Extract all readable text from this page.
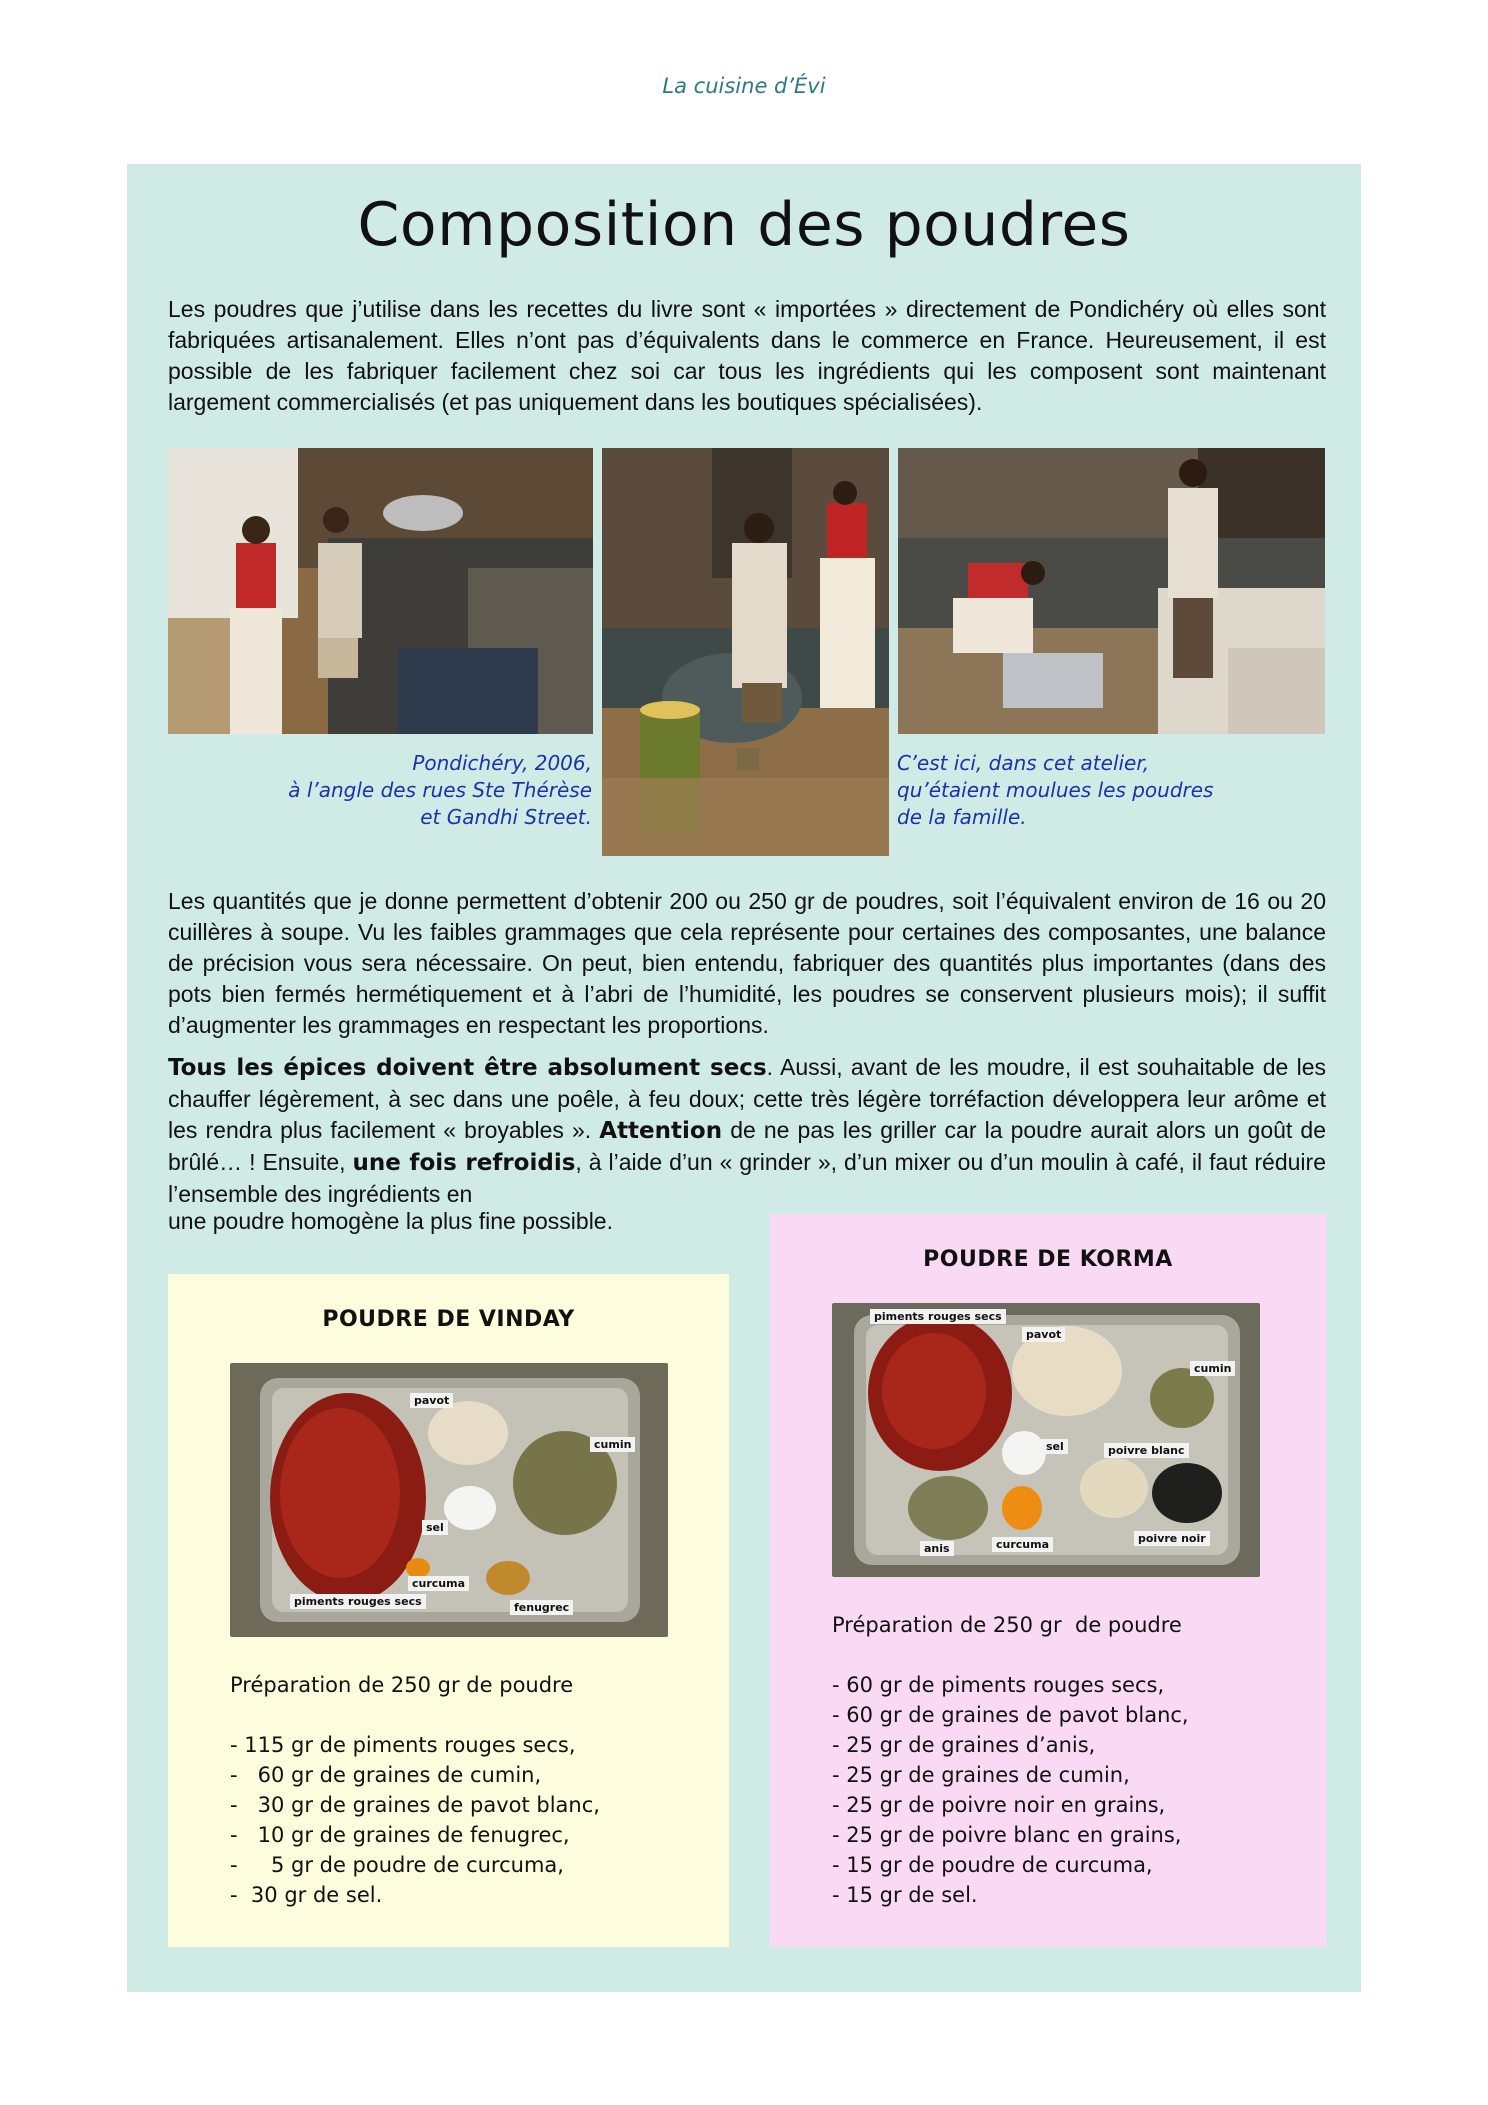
La cuisine d’Évi
Composition des poudres

Les poudres que j’utilise dans les recettes du livre sont « importées » directement de Pondichéry où elles sont fabriquées artisanalement. Elles n’ont pas d’équivalents dans le commerce en France. Heureusement, il est possible de les fabriquer facilement chez soi car tous les ingrédients qui les composent sont maintenant largement commercialisés (et pas uniquement dans les boutiques spécialisées).

Pondichéry, 2006,
à l’angle des rues Ste Thérèse
et Gandhi Street.
C’est ici, dans cet atelier,
qu’étaient moulues les poudres
de la famille.

Les quantités que je donne permettent d’obtenir 200 ou 250 gr de poudres, soit l’équivalent environ de 16 ou 20 cuillères à soupe. Vu les faibles grammages que cela représente pour certaines des composantes, une balance de précision vous sera nécessaire. On peut, bien entendu, fabriquer des quantités plus importantes (dans des pots bien fermés hermétiquement et à l’abri de l’humidité, les poudres se conservent plusieurs mois); il suffit d’augmenter les grammages en respectant les proportions.

Tous les épices doivent être absolument secs. Aussi, avant de les moudre, il est souhaitable de les chauffer légèrement, à sec dans une poêle, à feu doux; cette très légère torréfaction développera leur arôme et les rendra plus facilement « broyables ». Attention de ne pas les griller car la poudre aurait alors un goût de brûlé… ! Ensuite, une fois refroidis, à l’aide d’un « grinder », d’un mixer ou d’un moulin à café, il faut réduire l’ensemble des ingrédients en

une poudre homogène la plus fine possible.

POUDRE DE VINDAY
pavot
cumin
sel
curcuma
piments rouges secs	fenugrec
Préparation de 250 gr de poudre
- 115 gr de piments rouges secs,
-   60 gr de graines de cumin,
-   30 gr de graines de pavot blanc,
-   10 gr de graines de fenugrec,
-     5 gr de poudre de curcuma,
-  30 gr de sel.
POUDRE DE KORMA
piments rouges secs
pavot
cumin
sel	poivre blanc
anis	curcuma	poivre noir
Préparation de 250 gr  de poudre
- 60 gr de piments rouges secs,
- 60 gr de graines de pavot blanc,
- 25 gr de graines d’anis,
- 25 gr de graines de cumin,
- 25 gr de poivre noir en grains,
- 25 gr de poivre blanc en grains,
- 15 gr de poudre de curcuma,
- 15 gr de sel.
